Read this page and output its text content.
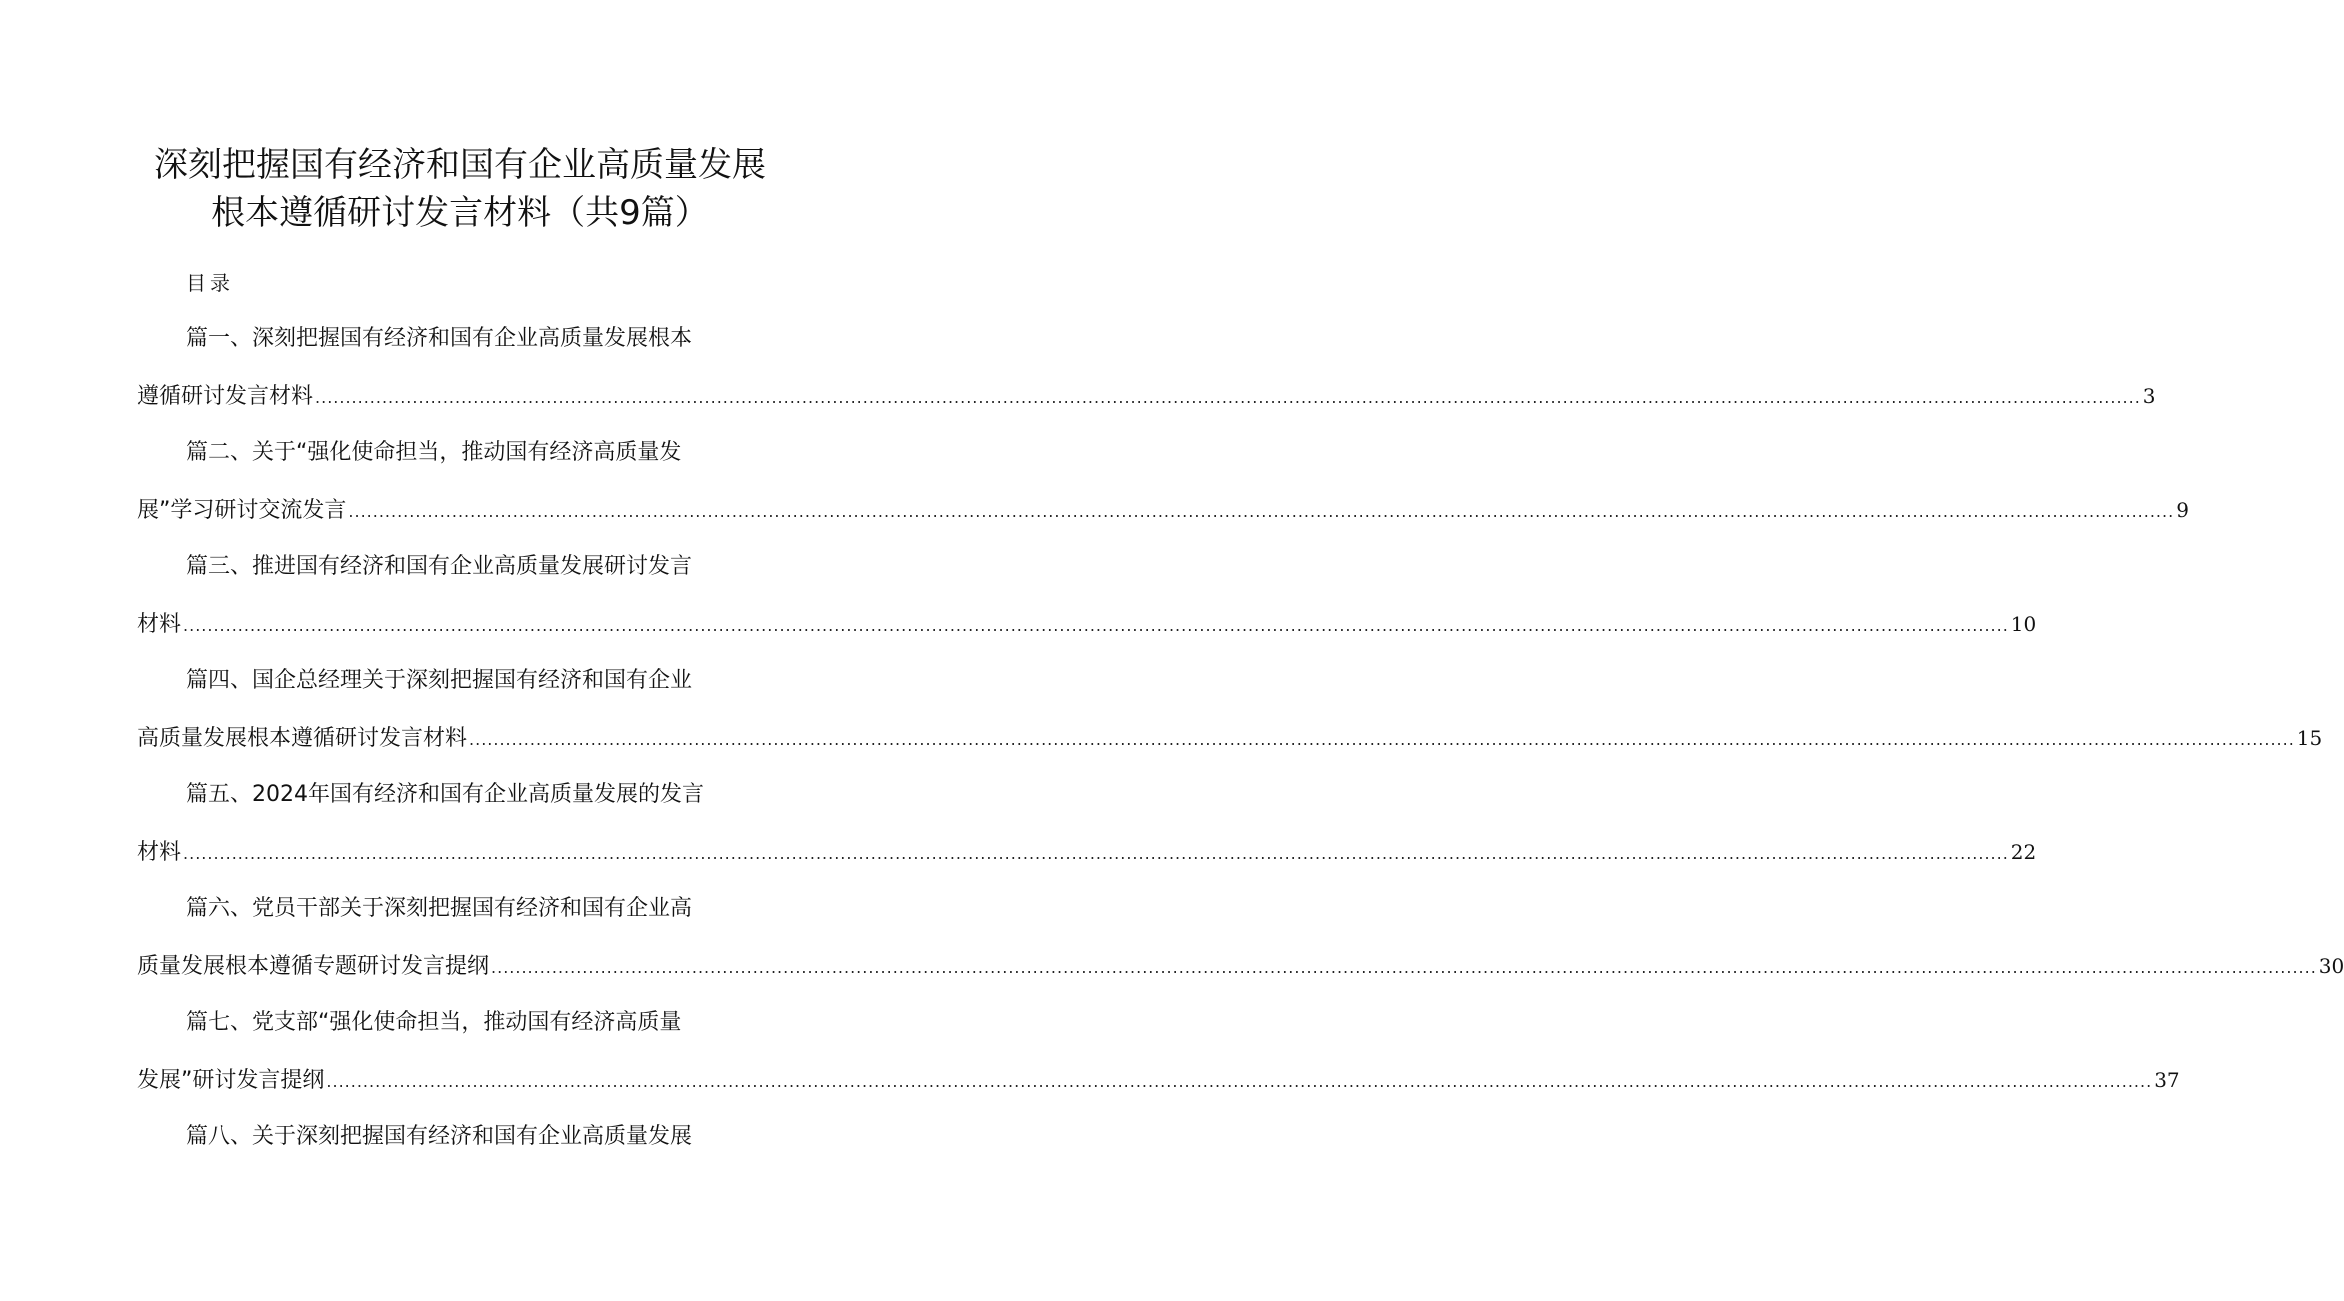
深刻把握国有经济和国有企业高质量发展
根本遵循研讨发言材料（共9篇）
目录
篇一、深刻把握国有经济和国有企业高质量发展根本
遵循研讨发言材料 ............................................................................................................................................................................................................................................................................................................ 3
篇二、关于“强化使命担当，推动国有经济高质量发
展”学习研讨交流发言 ............................................................................................................................................................................................................................................................................................................ 9
篇三、推进国有经济和国有企业高质量发展研讨发言
材料 ............................................................................................................................................................................................................................................................................................................ 10
篇四、国企总经理关于深刻把握国有经济和国有企业
高质量发展根本遵循研讨发言材料 ............................................................................................................................................................................................................................................................................................................ 15
篇五、2024年国有经济和国有企业高质量发展的发言
材料 ............................................................................................................................................................................................................................................................................................................ 22
篇六、党员干部关于深刻把握国有经济和国有企业高
质量发展根本遵循专题研讨发言提纲 ............................................................................................................................................................................................................................................................................................................ 30
篇七、党支部“强化使命担当，推动国有经济高质量
发展”研讨发言提纲 ............................................................................................................................................................................................................................................................................................................ 37
篇八、关于深刻把握国有经济和国有企业高质量发展
